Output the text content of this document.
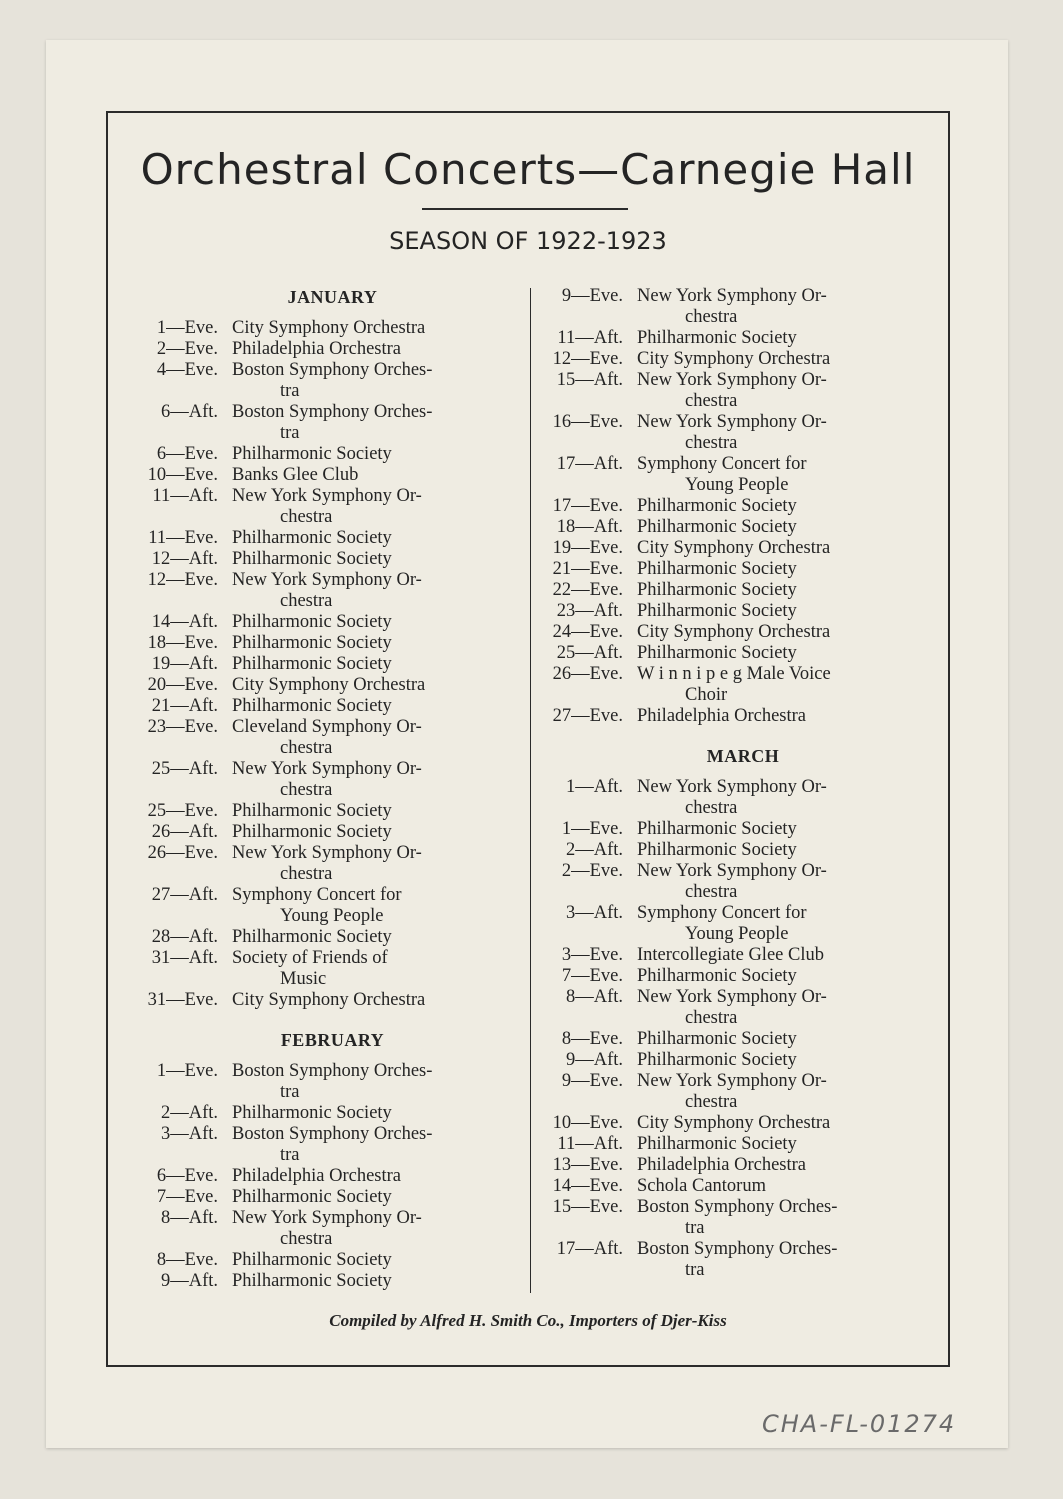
Orchestral Concerts—Carnegie Hall
SEASON OF 1922-1923
JANUARY
1—Eve. City Symphony Orchestra
2—Eve. Philadelphia Orchestra
4—Eve. Boston Symphony Orches-
tra
6—Aft. Boston Symphony Orches-
tra
6—Eve. Philharmonic Society
10—Eve. Banks Glee Club
11—Aft. New York Symphony Or-
chestra
11—Eve. Philharmonic Society
12—Aft. Philharmonic Society
12—Eve. New York Symphony Or-
chestra
14—Aft. Philharmonic Society
18—Eve. Philharmonic Society
19—Aft. Philharmonic Society
20—Eve. City Symphony Orchestra
21—Aft. Philharmonic Society
23—Eve. Cleveland Symphony Or-
chestra
25—Aft. New York Symphony Or-
chestra
25—Eve. Philharmonic Society
26—Aft. Philharmonic Society
26—Eve. New York Symphony Or-
chestra
27—Aft. Symphony Concert for
Young People
28—Aft. Philharmonic Society
31—Aft. Society of Friends of
Music
31—Eve. City Symphony Orchestra
FEBRUARY
1—Eve. Boston Symphony Orches-
tra
2—Aft. Philharmonic Society
3—Aft. Boston Symphony Orches-
tra
6—Eve. Philadelphia Orchestra
7—Eve. Philharmonic Society
8—Aft. New York Symphony Or-
chestra
8—Eve. Philharmonic Society
9—Aft. Philharmonic Society
9—Eve. New York Symphony Or-
chestra
11—Aft. Philharmonic Society
12—Eve. City Symphony Orchestra
15—Aft. New York Symphony Or-
chestra
16—Eve. New York Symphony Or-
chestra
17—Aft. Symphony Concert for
Young People
17—Eve. Philharmonic Society
18—Aft. Philharmonic Society
19—Eve. City Symphony Orchestra
21—Eve. Philharmonic Society
22—Eve. Philharmonic Society
23—Aft. Philharmonic Society
24—Eve. City Symphony Orchestra
25—Aft. Philharmonic Society
26—Eve. W i n n i p e g Male Voice
Choir
27—Eve. Philadelphia Orchestra
MARCH
1—Aft. New York Symphony Or-
chestra
1—Eve. Philharmonic Society
2—Aft. Philharmonic Society
2—Eve. New York Symphony Or-
chestra
3—Aft. Symphony Concert for
Young People
3—Eve. Intercollegiate Glee Club
7—Eve. Philharmonic Society
8—Aft. New York Symphony Or-
chestra
8—Eve. Philharmonic Society
9—Aft. Philharmonic Society
9—Eve. New York Symphony Or-
chestra
10—Eve. City Symphony Orchestra
11—Aft. Philharmonic Society
13—Eve. Philadelphia Orchestra
14—Eve. Schola Cantorum
15—Eve. Boston Symphony Orches-
tra
17—Aft. Boston Symphony Orches-
tra
Compiled by Alfred H. Smith Co., Importers of Djer-Kiss
CHA-FL-01274
